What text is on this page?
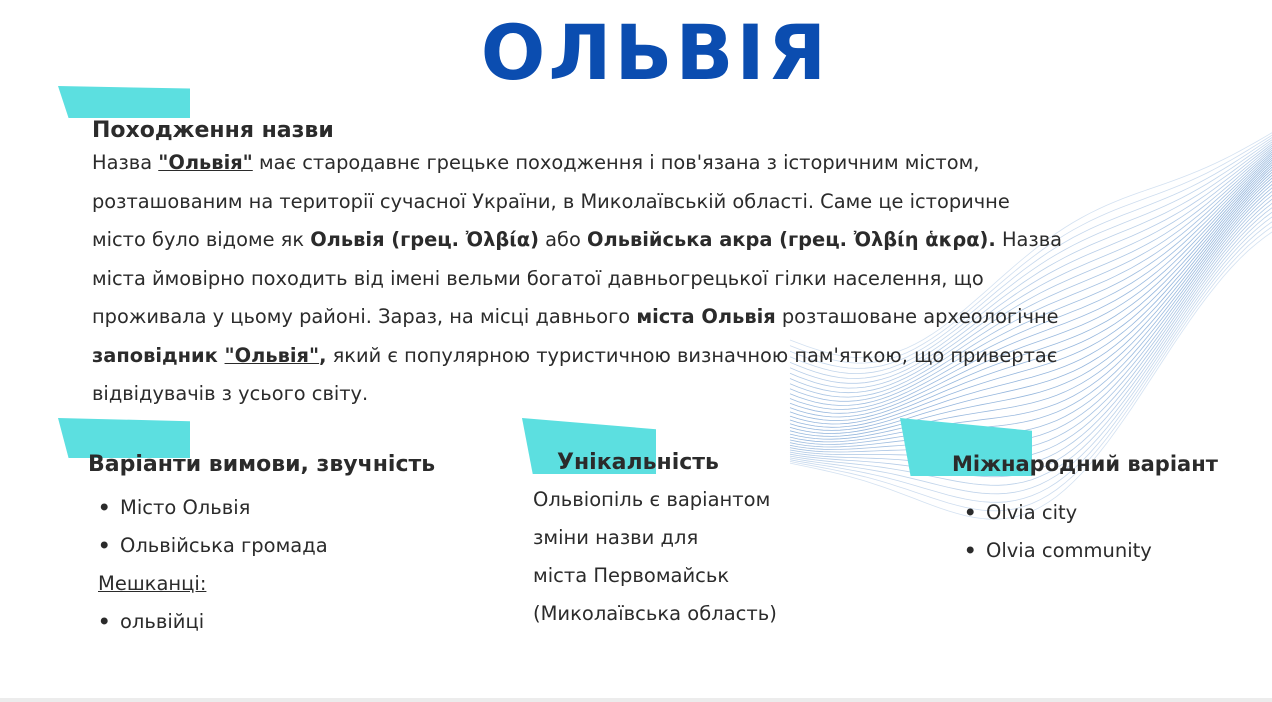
ОЛЬВІЯ
Походження назви
Назва "Ольвія" має стародавнє грецьке походження і пов'язана з історичним містом,
розташованим на території сучасної України, в Миколаївській області. Саме це історичне
місто було відоме як Ольвія (грец. Ὀλβία) або Ольвійська акра (грец. Ὀλβίη ἁκρα). Назва
міста ймовірно походить від імені вельми богатої давньогрецької гілки населення, що
проживала у цьому районі. Зараз, на місці давнього міста Ольвія розташоване археологічне
заповідник "Ольвія", який є популярною туристичною визначною пам'яткою, що привертає
відвідувачів з усього світу.
Варіанти вимови, звучність
• Місто Ольвія
• Ольвійська громада
Мешканці:
• ольвійці
Унікальність
Ольвіопіль є варіантом
зміни назви для
міста Первомайськ
(Миколаївська область)
Міжнародний варіант
• Olvia city
• Olvia community
